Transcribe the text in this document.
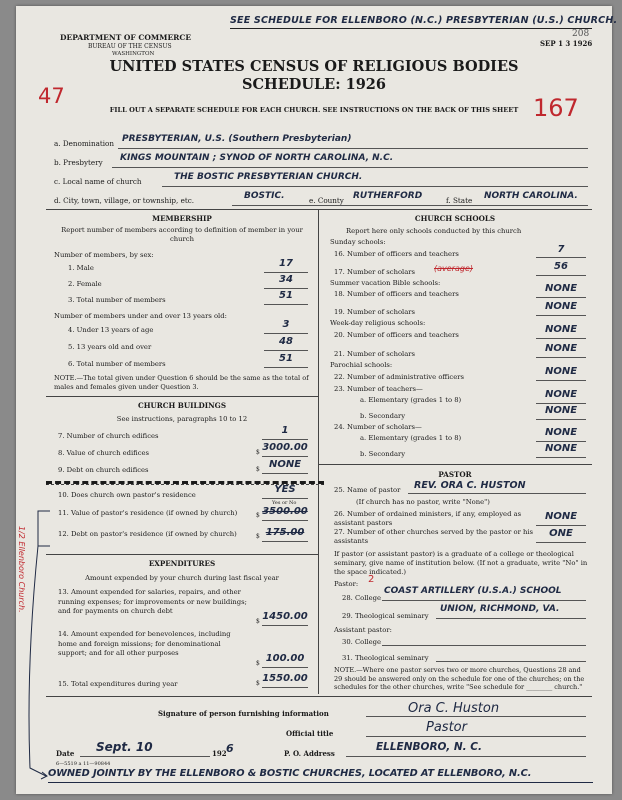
DEPARTMENT OF COMMERCE
BUREAU OF THE CENSUS
WASHINGTON
SEE SCHEDULE FOR ELLENBORO (N.C.) PRESBYTERIAN (U.S.) CHURCH.
SEP 1 3 1926
208
UNITED STATES CENSUS OF RELIGIOUS BODIES
SCHEDULE: 1926
FILL OUT A SEPARATE SCHEDULE FOR EACH CHURCH. SEE INSTRUCTIONS ON THE BACK OF THIS SHEET
47	167
a. Denomination PRESBYTERIAN, U.S. (Southern Presbyterian)
b. Presbytery KINGS MOUNTAIN ; SYNOD OF NORTH CAROLINA, N.C.
c. Local name of church	THE BOSTIC PRESBYTERIAN CHURCH.
d. City, town, village, or township, etc.	BOSTIC.	e. County RUTHERFORD	f. State NORTH CAROLINA.
MEMBERSHIP
Report number of members according to definition of member in your church
Number of members, by sex:
1. Male	17
2. Female	34
3. Total number of members	51
Number of members under and over 13 years old:
4. Under 13 years of age	3
5. 13 years old and over	48
6. Total number of members	51
NOTE.—The total given under Question 6 should be the same as the total of males and females given under Question 3.
CHURCH BUILDINGS
See instructions, paragraphs 10 to 12
7. Number of church edifices	1
8. Value of church edifices	$ 3000.00
9. Debt on church edifices	$ NONE
10. Does church own pastor's residence	YES
Yes or No
11. Value of pastor's residence (if owned by church)	$ 3500.00
12. Debt on pastor's residence (if owned by church)	$ 175.00
1/2 Ellenboro Church.	EXPENDITURES
Amount expended by your church during last fiscal year
13. Amount expended for salaries, repairs, and other running expenses; for improvements or new buildings; and for payments on church debt
$ 1450.00
14. Amount expended for benevolences, including home and foreign missions; for denominational support; and for all other purposes
$ 100.00
15. Total expenditures during year	$ 1550.00
CHURCH SCHOOLS
Report here only schools conducted by this church
Sunday schools:
16. Number of officers and teachers	7
17. Number of scholars (average)	56
Summer vacation Bible schools:
18. Number of officers and teachers	NONE
19. Number of scholars	NONE
Week-day religious schools:
20. Number of officers and teachers	NONE
21. Number of scholars	NONE
Parochial schools:
22. Number of administrative officers	NONE
23. Number of teachers—
a. Elementary (grades 1 to 8)	NONE
b. Secondary	NONE
24. Number of scholars—
a. Elementary (grades 1 to 8)	NONE
b. Secondary	NONE
PASTOR
25. Name of pastor REV. ORA C. HUSTON
(If church has no pastor, write "None")
26. Number of ordained ministers, if any, employed as assistant pastors
NONE
27. Number of other churches served by the pastor or his assistants
ONE
If pastor (or assistant pastor) is a graduate of a college or theological seminary, give name of institution below. (If not a graduate, write "No" in the space indicated.)
Pastor: 2
28. College
COAST ARTILLERY (U.S.A.) SCHOOL
29. Theological seminary
UNION, RICHMOND, VA.
Assistant pastor:
30. College
31. Theological seminary
NOTE.—Where one pastor serves two or more churches, Questions 28 and 29 should be answered only on the schedule for one of the churches; on the schedules for the other churches, write "See schedule for ________ church."
Signature of person furnishing information	Ora C. Huston
Official title	Pastor
Date Sept. 10	192 6	P. O. Address
ELLENBORO, N. C.
6—5519 a 11—90844
OWNED JOINTLY BY THE ELLENBORO & BOSTIC CHURCHES, LOCATED AT ELLENBORO, N.C.
